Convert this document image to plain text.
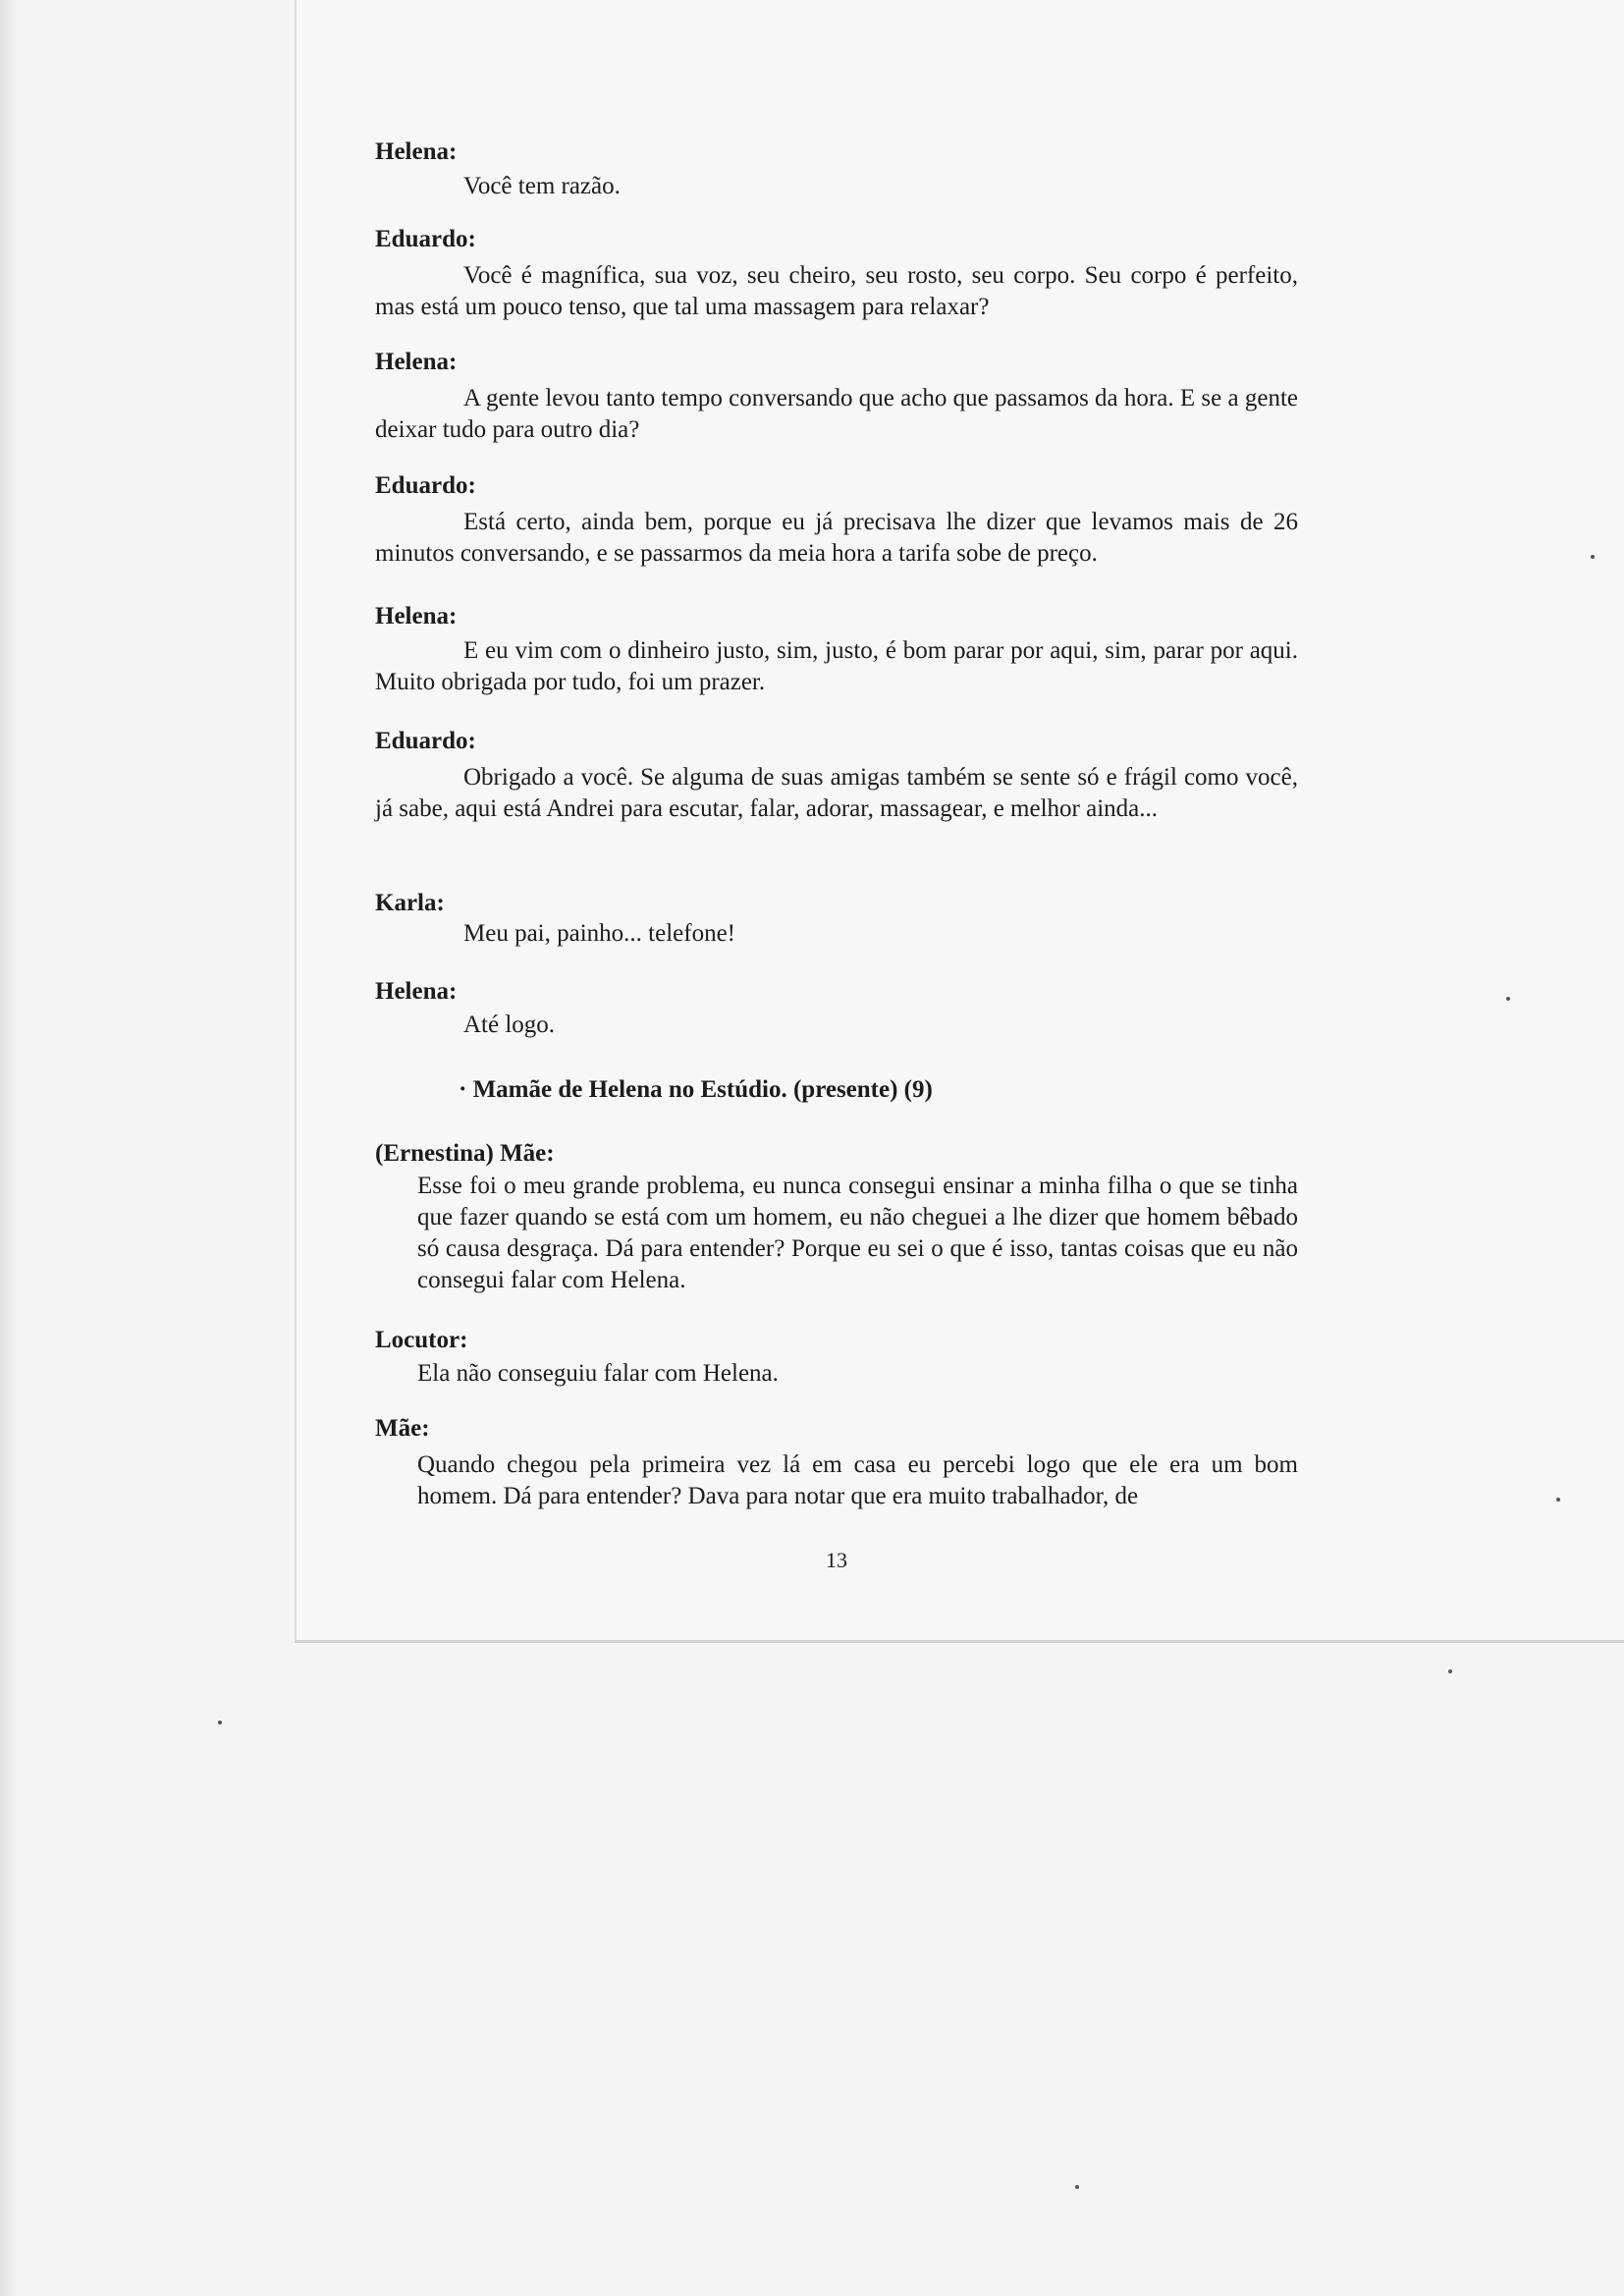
Helena:

Você tem razão.

Eduardo:

Você é magnífica, sua voz, seu cheiro, seu rosto, seu corpo. Seu corpo é perfeito, mas está um pouco tenso, que tal uma massagem para relaxar?

Helena:

A gente levou tanto tempo conversando que acho que passamos da hora. E se a gente deixar tudo para outro dia?

Eduardo:

Está certo, ainda bem, porque eu já precisava lhe dizer que levamos mais de 26 minutos conversando, e se passarmos da meia hora a tarifa sobe de preço.

Helena:

E eu vim com o dinheiro justo, sim, justo, é bom parar por aqui, sim, parar por aqui. Muito obrigada por tudo, foi um prazer.

Eduardo:

Obrigado a você. Se alguma de suas amigas também se sente só e frágil como você, já sabe, aqui está Andrei para escutar, falar, adorar, massagear, e melhor ainda...

Karla:

Meu pai, painho... telefone!

Helena:

Até logo.

· Mamãe de Helena no Estúdio. (presente) (9)
(Ernestina) Mãe:

Esse foi o meu grande problema, eu nunca consegui ensinar a minha filha o que se tinha que fazer quando se está com um homem, eu não cheguei a lhe dizer que homem bêbado só causa desgraça. Dá para entender? Porque eu sei o que é isso, tantas coisas que eu não consegui falar com Helena.

Locutor:

Ela não conseguiu falar com Helena.

Mãe:

Quando chegou pela primeira vez lá em casa eu percebi logo que ele era um bom homem. Dá para entender? Dava para notar que era muito trabalhador, de

13
